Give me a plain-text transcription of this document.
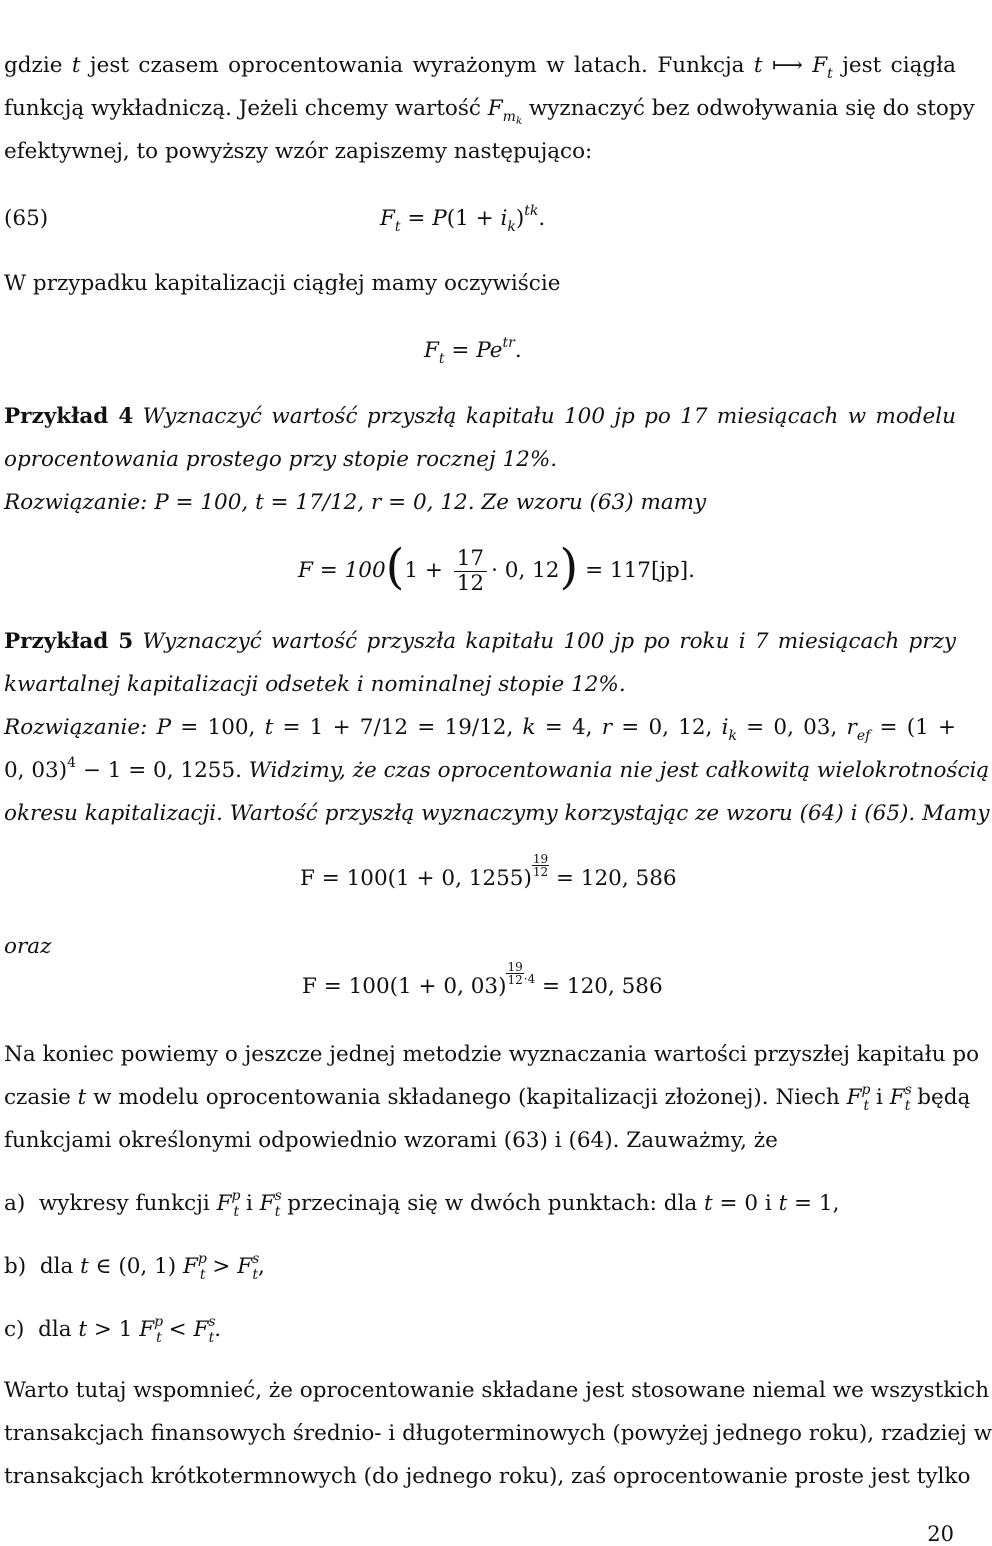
gdzie t jest czasem oprocentowania wyrażonym w latach. Funkcja t ⟼ $F_t$ jest ciągła
funkcją wykładniczą. Jeżeli chcemy wartość $F_{mk}$ wyznaczyć bez odwoływania się do stopy
efektywnej, to powyższy wzór zapiszemy następująco:
(65)	$F_t = P(1 + i_k)^{tk}$.
W przypadku kapitalizacji ciągłej mamy oczywiście
$F_t = Pe^{tr}$.
Przykład 4 Wyznaczyć wartość przyszłą kapitału 100 jp po 17 miesiącach w modelu
oprocentowania prostego przy stopie rocznej 12%.
Rozwiązanie: P = 100, t = 17/12, r = 0, 12. Ze wzoru (63) mamy
$F = 100(1 + \frac{17}{12} \cdot 0$, 12) = 117[jp].
Przykład 5 Wyznaczyć wartość przyszła kapitału 100 jp po roku i 7 miesiącach przy
kwartalnej kapitalizacji odsetek i nominalnej stopie 12%.
Rozwiązanie: P = 100, t = 1 + 7/12 = 19/12, k = 4, r = 0, 12, $i_k = 0$, 03, $r_{ef} = (1$ +
0, 03)$^4$ − 1 = 0, 1255. Widzimy, że czas oprocentowania nie jest całkowitą wielokrotnością
okresu kapitalizacji. Wartość przyszłą wyznaczymy korzystając ze wzoru (64) i (65). Mamy
F = 100(1 + 0, 1255)
$\frac{19}{12}$
= 120, 586
oraz
F = 100(1 + 0, 03)
$\frac{19}{12} ^{\cdot 4} = 120$, 586
Na koniec powiemy o jeszcze jednej metodzie wyznaczania wartości przyszłej kapitału po
czasie t w modelu oprocentowania składanego (kapitalizacji złożonej). Niech $F^p_t$ i $F^s_t$ będą
funkcjami określonymi odpowiednio wzorami (63) i (64). Zauważmy, że
a) wykresy funkcji $F^p_t$ i $F^s_t$ przecinają się w dwóch punktach: dla t = 0 i t = 1,
b) dla t ∈ (0, 1) $F^p_t > F^s_t$,
c) dla t > 1 $F^p_t < F^s_t$.
Warto tutaj wspomnieć, że oprocentowanie składane jest stosowane niemal we wszystkich
transakcjach finansowych średnio- i długoterminowych (powyżej jednego roku), rzadziej w
transakcjach krótkotermnowych (do jednego roku), zaś oprocentowanie proste jest tylko
20
